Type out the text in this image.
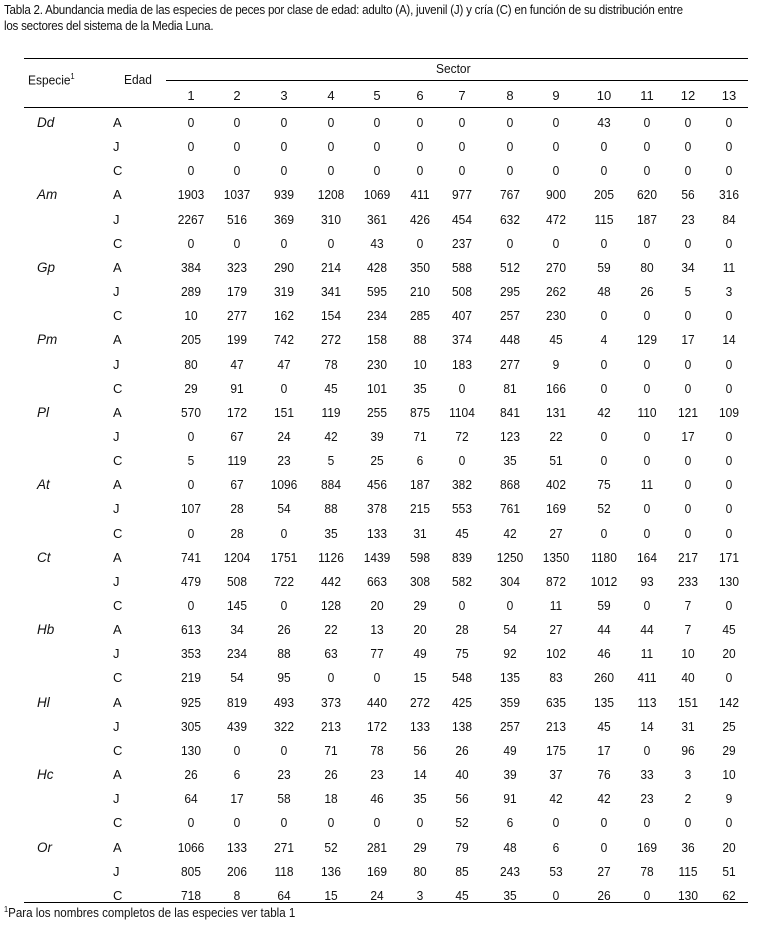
Tabla 2. Abundancia media de las especies de peces por clase de edad: adulto (A), juvenil (J) y cría (C) en función de su distribución entre
los sectores del sistema de la Media Luna.
Especie$^1$	Edad
Sector
1	2	3	4	5	6	7	8	9	10	11	12	13
Dd	A	0	0	0	0	0	0	0	0	0	43	0	0	0
J	0	0	0	0	0	0	0	0	0	0	0	0	0
C	0	0	0	0	0	0	0	0	0	0	0	0	0
Am	A	1903	1037	939	1208	1069	411	977	767	900	205	620	56	316
J	2267	516	369	310	361	426	454	632	472	115	187	23	84
C	0	0	0	0	43	0	237	0	0	0	0	0	0
Gp	A	384	323	290	214	428	350	588	512	270	59	80	34	11
J	289	179	319	341	595	210	508	295	262	48	26	5	3
C	10	277	162	154	234	285	407	257	230	0	0	0	0
Pm	A	205	199	742	272	158	88	374	448	45	4	129	17	14
J	80	47	47	78	230	10	183	277	9	0	0	0	0
C	29	91	0	45	101	35	0	81	166	0	0	0	0
Pl	A	570	172	151	119	255	875	1104	841	131	42	110	121	109
J	0	67	24	42	39	71	72	123	22	0	0	17	0
C	5	119	23	5	25	6	0	35	51	0	0	0	0
At	A	0	67	1096	884	456	187	382	868	402	75	11	0	0
J	107	28	54	88	378	215	553	761	169	52	0	0	0
C	0	28	0	35	133	31	45	42	27	0	0	0	0
Ct	A	741	1204	1751	1126	1439	598	839	1250	1350	1180	164	217	171
J	479	508	722	442	663	308	582	304	872	1012	93	233	130
C	0	145	0	128	20	29	0	0	11	59	0	7	0
Hb	A	613	34	26	22	13	20	28	54	27	44	44	7	45
J	353	234	88	63	77	49	75	92	102	46	11	10	20
C	219	54	95	0	0	15	548	135	83	260	411	40	0
Hl	A	925	819	493	373	440	272	425	359	635	135	113	151	142
J	305	439	322	213	172	133	138	257	213	45	14	31	25
C	130	0	0	71	78	56	26	49	175	17	0	96	29
Hc	A	26	6	23	26	23	14	40	39	37	76	33	3	10
J	64	17	58	18	46	35	56	91	42	42	23	2	9
C	0	0	0	0	0	0	52	6	0	0	0	0	0
Or	A	1066	133	271	52	281	29	79	48	6	0	169	36	20
J	805	206	118	136	169	80	85	243	53	27	78	115	51
C	718	8	64	15	24	3	45	35	0	26	0	130	62
$^1$Para los nombres completos de las especies ver tabla 1
